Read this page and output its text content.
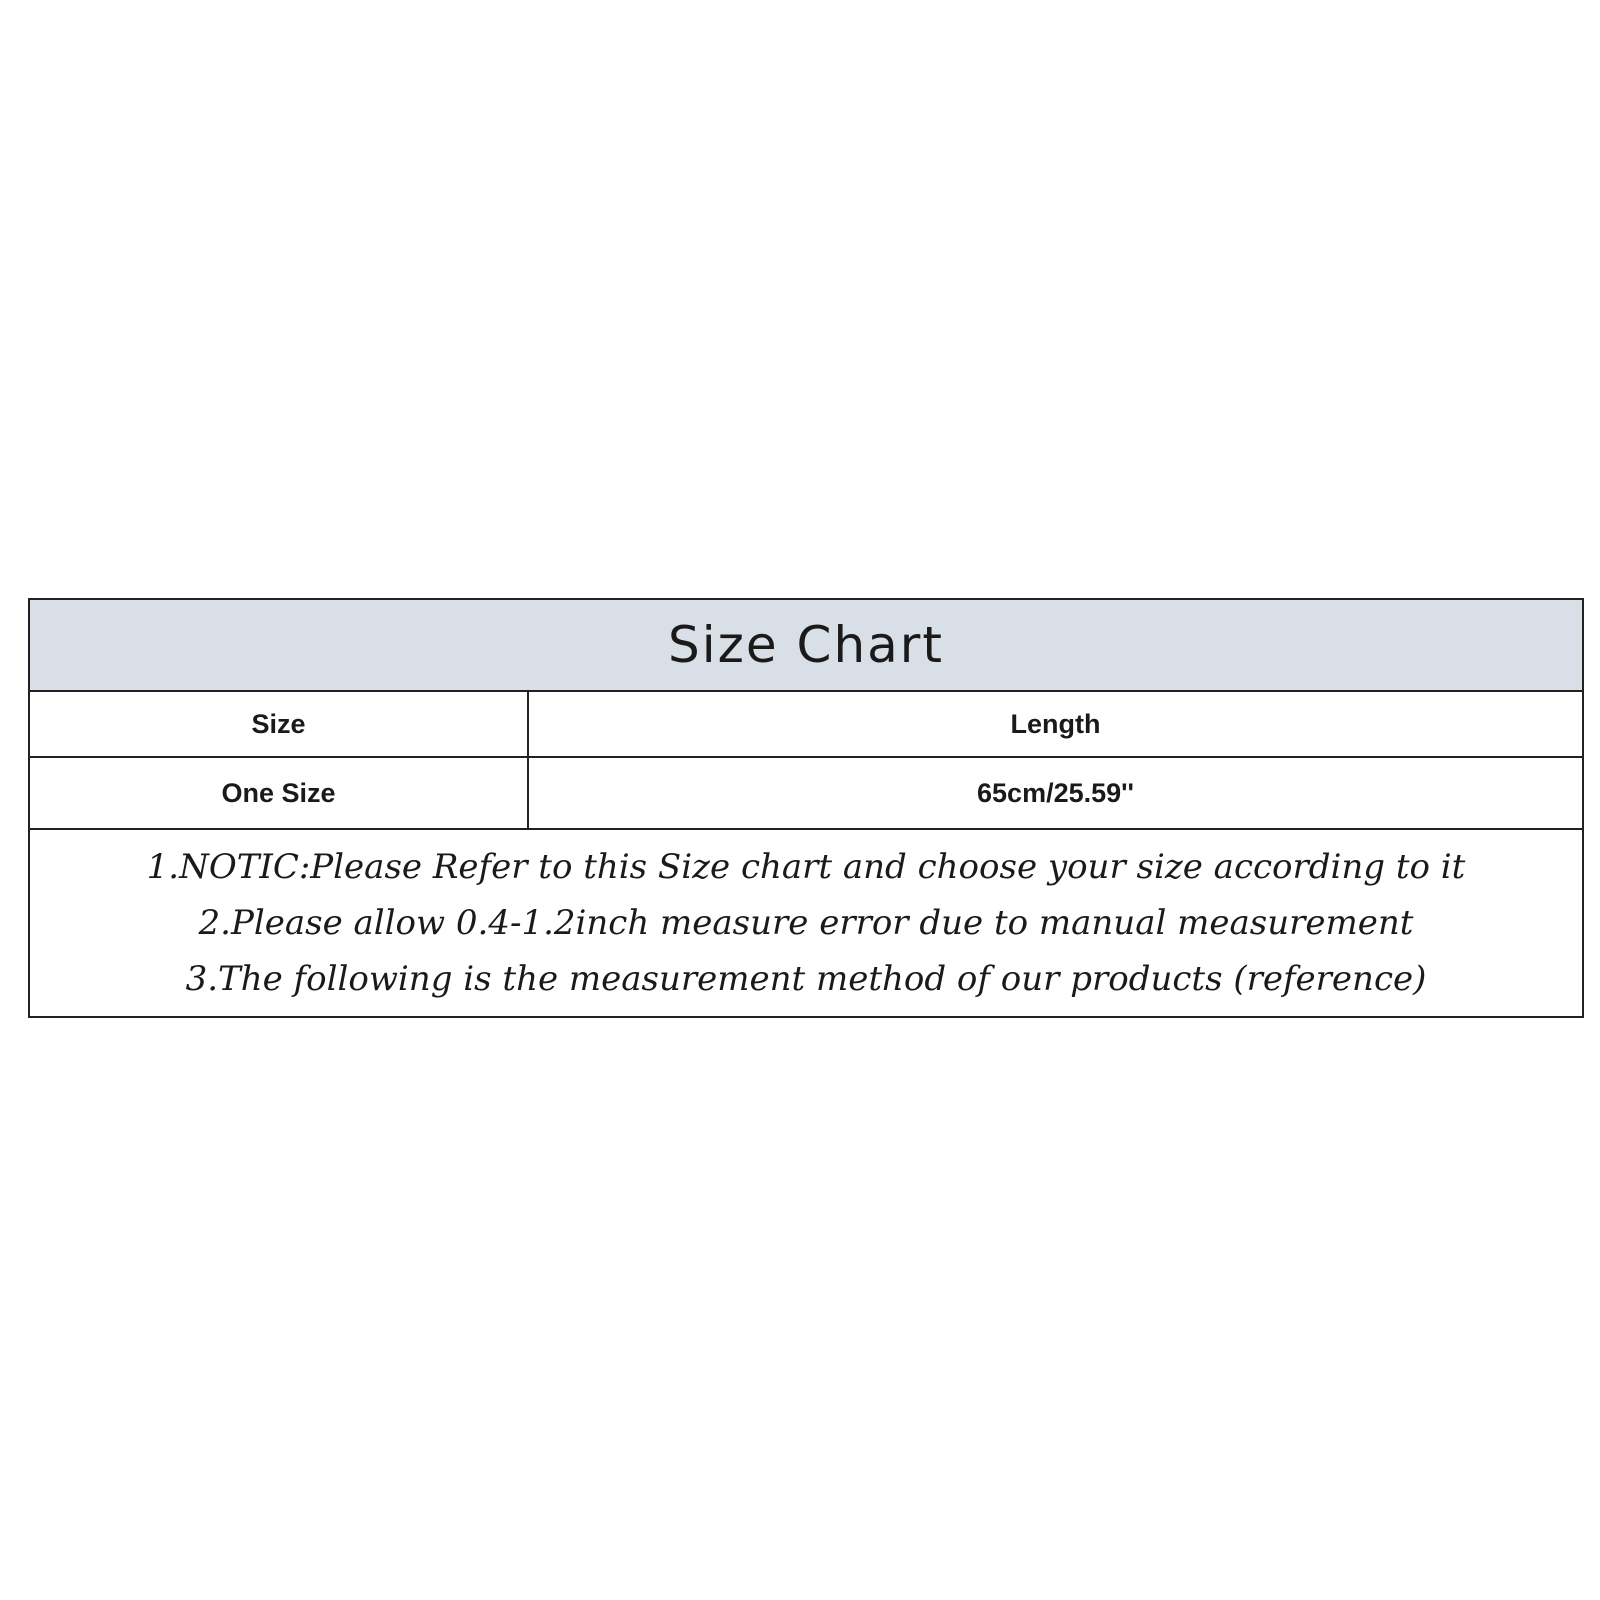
Size Chart	
Size	Length
One Size	65cm/25.59''

1.NOTIC:Please Refer to this Size chart and choose your size according to it
2.Please allow 0.4-1.2inch measure error due to manual measurement
3.The following is the measurement method of our products (reference)	
